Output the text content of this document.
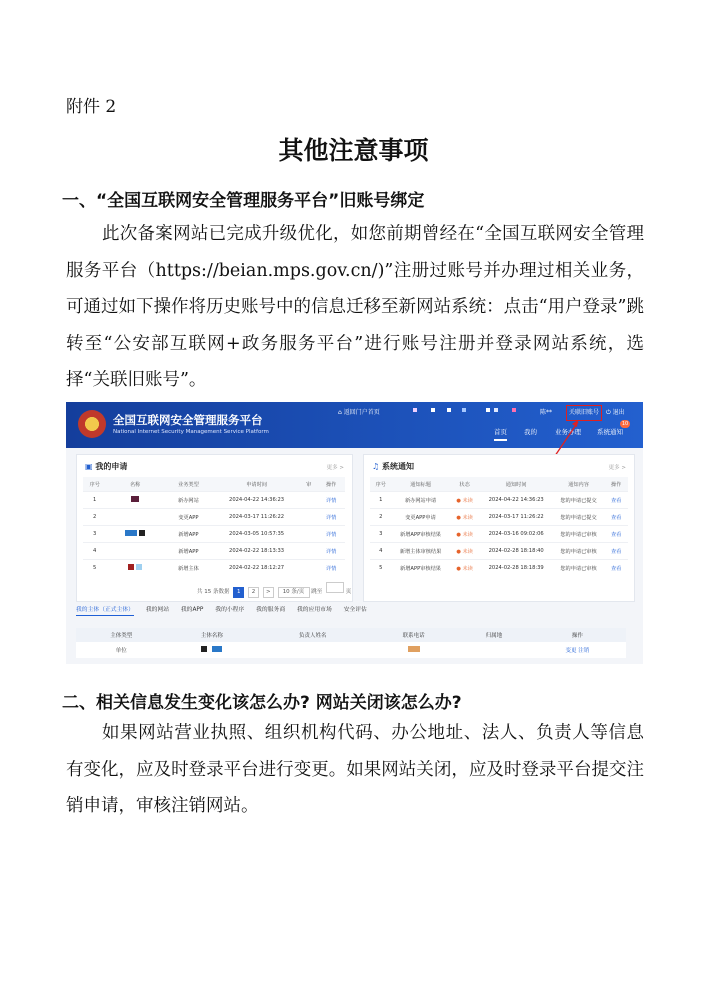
附件 2
其他注意事项
一、“全国互联网安全管理服务平台”旧账号绑定
此次备案网站已完成升级优化，如您前期曾经在“全国互联网安全管理服务平台（https://beian.mps.gov.cn/)”注册过账号并办理过相关业务，可通过如下操作将历史账号中的信息迁移至新网站系统：点击“用户登录”跳转至“公安部互联网+政务服务平台”进行账号注册并登录网站系统，选择“关联旧账号”。
全国互联网安全管理服务平台
National Internet Security Management Service Platform
⌂ 返回门户首页	陈**	关联旧账号	⏻ 退出
首页	我的	业务办理 系统通知
10
▣ 我的申请	更多 >
序号	名称	业务类型	申请时间	审	操作
1		新办网站	2024-04-22 14:36:23		详情
2		变更APP	2024-03-17 11:26:22		详情
3		新增APP	2024-03-05 10:57:35		详情
4		新增APP	2024-02-22 18:13:33		详情
5		新增主体	2024-02-22 18:12:27		详情
共 15 条数据 1 2 > 10 条/页 跳至	页
♫ 系统通知	更多 >
序号	通知标题	状态	通知时间	通知内容	操作
1	新办网站申请	● 未读	2024-04-22 14:36:23	您的申请已提交	查看
2	变更APP申请	● 未读	2024-03-17 11:26:22	您的申请已提交	查看
3	新增APP审核结果	● 未读	2024-03-16 09:02:06	您的申请已审核	查看
4	新增主体审核结果	● 未读	2024-02-28 18:18:40	您的申请已审核	查看
5	新增APP审核结果	● 未读	2024-02-28 18:18:39	您的申请已审核	查看
我的主体（正式主体） 我的网站 我的APP 我的小程序 我的服务商 我的应用市场 安全评估
主体类型	主体名称	负责人姓名	联系电话	归属地	操作
单位					变更 注销
二、相关信息发生变化该怎么办? 网站关闭该怎么办?
如果网站营业执照、组织机构代码、办公地址、法人、负责人等信息有变化，应及时登录平台进行变更。如果网站关闭，应及时登录平台提交注销申请，审核注销网站。
